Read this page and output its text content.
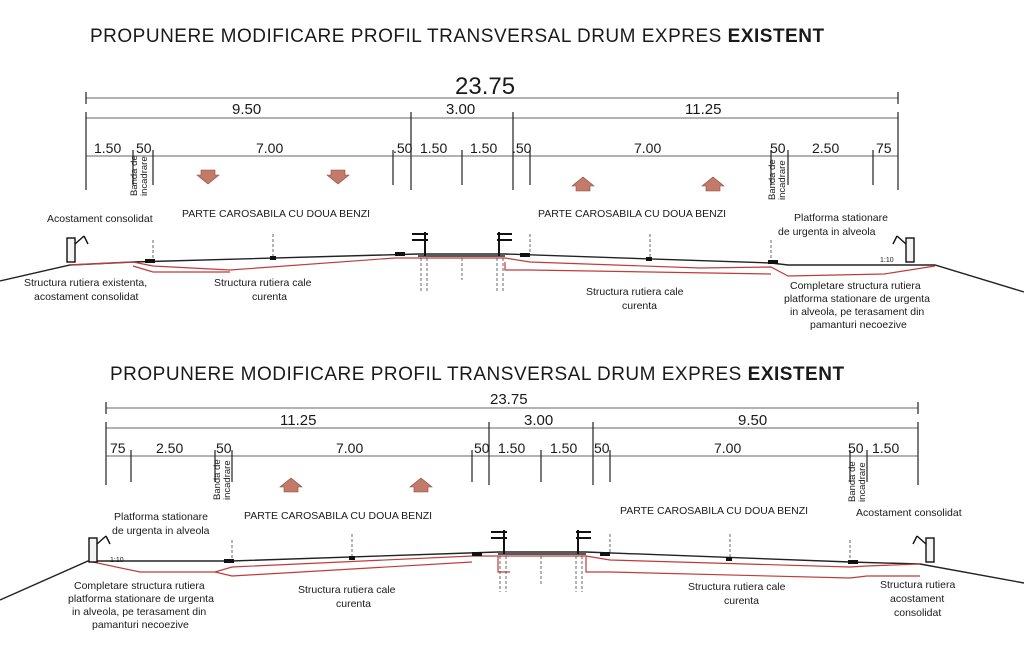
PROPUNERE MODIFICARE PROFIL TRANSVERSAL DRUM EXPRES EXISTENT
23.75
9.50	3.00	11.25
1.50 50	7.00	.50 1.50 1.50 .50	7.00	50 2.50	75
Banda deincadrare	Banda deincadrare
Acostament consolidat	PARTE CAROSABILA CU DOUA BENZI	PARTE CAROSABILA CU DOUA BENZI	Platforma stationare de urgenta in alveola
1:10
Structura rutiera existenta, acostament consolidat
Structura rutiera cale curenta	Structura rutiera cale curenta
Completare structura rutiera platforma stationare de urgenta in alveola, pe terasament din pamanturi necoezive
PROPUNERE MODIFICARE PROFIL TRANSVERSAL DRUM EXPRES EXISTENT
23.75
11.25	3.00	9.50
75 2.50 50	7.00	50 1.50 1.50 50	7.00	50 1.50
Banda deincadrare	Banda deincadrare
Platforma stationare de urgenta in alveola
PARTE CAROSABILA CU DOUA BENZI	PARTE CAROSABILA CU DOUA BENZI	Acostament consolidat
1:10
Completare structura rutiera platforma stationare de urgenta in alveola, pe terasament din pamanturi necoezive
Structura rutiera cale curenta
Structura rutiera cale curenta
Structura rutiera acostament consolidat
